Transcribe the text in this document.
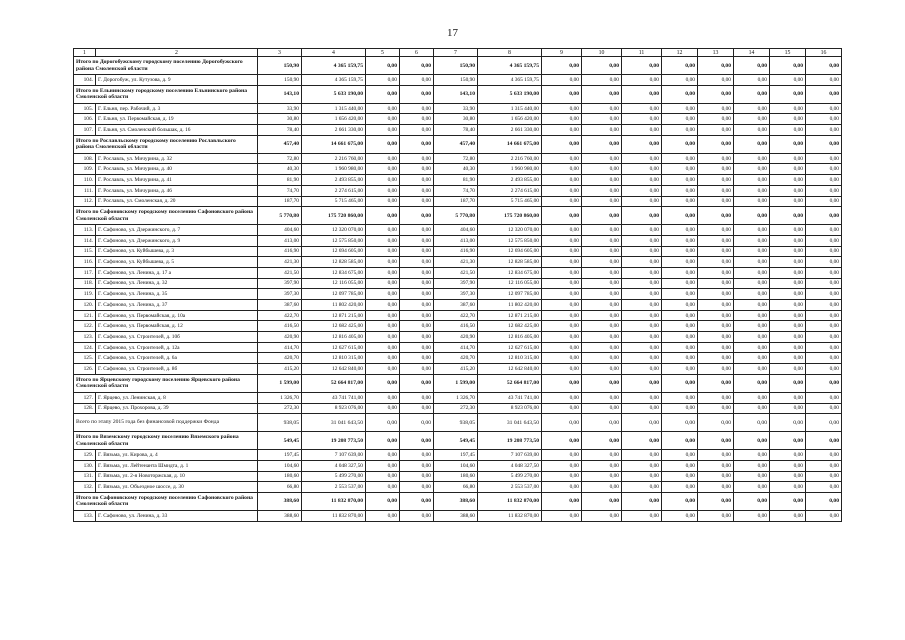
17
1	2	3	4	5	6	7	8	9	10	11	12	13	14	15	16
Итого по Дорогобужскому городскому поселению Дорогобужского района Смоленской области		150,90	4 365 159,75	0,00	0,00	150,90	4 365 159,75	0,00	0,00	0,00	0,00	0,00	0,00	0,00	0,00
104.	Г. Дорогобуж, ул. Кутузова, д. 9	150,90	4 365 159,75	0,00	0,00	150,90	4 365 159,75	0,00	0,00	0,00	0,00	0,00	0,00	0,00	0,00
Итого по Ельнинскому городскому поселению Ельнинского района Смоленской области		143,10	5 633 190,00	0,00	0,00	143,10	5 633 190,00	0,00	0,00	0,00	0,00	0,00	0,00	0,00	0,00
105.	Г. Ельня, пер. Рабочий, д. 3	33,90	1 315 440,00	0,00	0,00	33,90	1 315 440,00	0,00	0,00	0,00	0,00	0,00	0,00	0,00	0,00
106.	Г. Ельня, ул. Первомайская, д. 19	30,80	1 656 420,00	0,00	0,00	30,80	1 656 420,00	0,00	0,00	0,00	0,00	0,00	0,00	0,00	0,00
107.	Г. Ельня, ул. Смоленский большак, д. 16	78,40	2 661 330,00	0,00	0,00	78,40	2 661 330,00	0,00	0,00	0,00	0,00	0,00	0,00	0,00	0,00
Итого по Рославльскому городскому поселению Рославльского района Смоленской области		457,40	14 661 675,00	0,00	0,00	457,40	14 661 675,00	0,00	0,00	0,00	0,00	0,00	0,00	0,00	0,00
108.	Г. Рославль, ул. Мичурина, д. 32	72,80	2 216 760,00	0,00	0,00	72,80	2 216 760,00	0,00	0,00	0,00	0,00	0,00	0,00	0,00	0,00
109.	Г. Рославль, ул. Мичурина, д. 40	40,30	1 960 980,00	0,00	0,00	40,30	1 960 980,00	0,00	0,00	0,00	0,00	0,00	0,00	0,00	0,00
110.	Г. Рославль, ул. Мичурина, д. 41	81,90	2 493 855,00	0,00	0,00	81,90	2 493 855,00	0,00	0,00	0,00	0,00	0,00	0,00	0,00	0,00
111.	Г. Рославль, ул. Мичурина, д. 46	74,70	2 274 615,00	0,00	0,00	74,70	2 274 615,00	0,00	0,00	0,00	0,00	0,00	0,00	0,00	0,00
112.	Г. Рославль, ул. Смоленская, д. 20	187,70	5 715 465,00	0,00	0,00	187,70	5 715 465,00	0,00	0,00	0,00	0,00	0,00	0,00	0,00	0,00
Итого по Сафоновскому городскому поселению Сафоновского района Смоленской области		5 770,80	175 720 860,00	0,00	0,00	5 770,80	175 720 860,00	0,00	0,00	0,00	0,00	0,00	0,00	0,00	0,00
113.	Г. Сафоново, ул. Дзержинского, д. 7	404,60	12 320 070,00	0,00	0,00	404,60	12 320 070,00	0,00	0,00	0,00	0,00	0,00	0,00	0,00	0,00
114.	Г. Сафоново, ул. Дзержинского, д. 9	413,00	12 575 850,00	0,00	0,00	413,00	12 575 850,00	0,00	0,00	0,00	0,00	0,00	0,00	0,00	0,00
115.	Г. Сафоново, ул. Куйбышева, д. 3	416,90	12 694 605,00	0,00	0,00	416,90	12 694 605,00	0,00	0,00	0,00	0,00	0,00	0,00	0,00	0,00
116.	Г. Сафоново, ул. Куйбышева, д. 5	421,30	12 828 585,00	0,00	0,00	421,30	12 828 585,00	0,00	0,00	0,00	0,00	0,00	0,00	0,00	0,00
117.	Г. Сафоново, ул. Ленина, д. 17 а	421,50	12 834 675,00	0,00	0,00	421,50	12 834 675,00	0,00	0,00	0,00	0,00	0,00	0,00	0,00	0,00
118.	Г. Сафоново, ул. Ленина, д. 32	397,90	12 116 055,00	0,00	0,00	397,90	12 116 055,00	0,00	0,00	0,00	0,00	0,00	0,00	0,00	0,00
119.	Г. Сафоново, ул. Ленина, д. 35	397,30	12 097 785,00	0,00	0,00	397,30	12 097 785,00	0,00	0,00	0,00	0,00	0,00	0,00	0,00	0,00
120.	Г. Сафоново, ул. Ленина, д. 37	387,60	11 802 420,00	0,00	0,00	387,60	11 802 420,00	0,00	0,00	0,00	0,00	0,00	0,00	0,00	0,00
121.	Г. Сафоново, ул. Первомайская, д. 10а	422,70	12 871 215,00	0,00	0,00	422,70	12 871 215,00	0,00	0,00	0,00	0,00	0,00	0,00	0,00	0,00
122.	Г. Сафоново, ул. Первомайская, д. 12	416,50	12 682 425,00	0,00	0,00	416,50	12 682 425,00	0,00	0,00	0,00	0,00	0,00	0,00	0,00	0,00
123.	Г. Сафоново, ул. Строителей, д. 10б	420,90	12 816 405,00	0,00	0,00	420,90	12 816 405,00	0,00	0,00	0,00	0,00	0,00	0,00	0,00	0,00
124.	Г. Сафоново, ул. Строителей, д. 12а	414,70	12 627 615,00	0,00	0,00	414,70	12 627 615,00	0,00	0,00	0,00	0,00	0,00	0,00	0,00	0,00
125.	Г. Сафоново, ул. Строителей, д. 6а	420,70	12 810 315,00	0,00	0,00	420,70	12 810 315,00	0,00	0,00	0,00	0,00	0,00	0,00	0,00	0,00
126.	Г. Сафоново, ул. Строителей, д. 8б	415,20	12 642 840,00	0,00	0,00	415,20	12 642 840,00	0,00	0,00	0,00	0,00	0,00	0,00	0,00	0,00
Итого по Ярцевскому городскому поселению Ярцевского района Смоленской области		1 599,00	52 664 817,00	0,00	0,00	1 599,00	52 664 817,00	0,00	0,00	0,00	0,00	0,00	0,00	0,00	0,00
127.	Г. Ярцево, ул. Ленинская, д. 8	1 326,70	43 741 741,00	0,00	0,00	1 326,70	43 741 741,00	0,00	0,00	0,00	0,00	0,00	0,00	0,00	0,00
128.	Г. Ярцево, ул. Прохорова, д. 39	272,30	8 923 076,00	0,00	0,00	272,30	8 923 076,00	0,00	0,00	0,00	0,00	0,00	0,00	0,00	0,00
Всего по этапу 2015 года без финансовой поддержки Фонда		938,05	31 041 643,50	0,00	0,00	938,05	31 041 643,50	0,00	0,00	0,00	0,00	0,00	0,00	0,00	0,00
Итого по Вяземскому городскому поселению Вяземского района Смоленской области		549,45	19 208 773,50	0,00	0,00	549,45	19 208 773,50	0,00	0,00	0,00	0,00	0,00	0,00	0,00	0,00
129.	Г. Вязьма, ул. Кирова, д. 4	197,45	7 107 639,00	0,00	0,00	197,45	7 107 639,00	0,00	0,00	0,00	0,00	0,00	0,00	0,00	0,00
130.	Г. Вязьма, ул. Лейтенанта Шмидта, д. 1	104,60	4 048 327,50	0,00	0,00	104,60	4 048 327,50	0,00	0,00	0,00	0,00	0,00	0,00	0,00	0,00
131.	Г. Вязьма, ул. 2-я Новоторжская, д. 10	180,60	5 499 270,00	0,00	0,00	180,60	5 499 270,00	0,00	0,00	0,00	0,00	0,00	0,00	0,00	0,00
132.	Г. Вязьма, ул. Объездное шоссе, д. 30	66,80	2 553 537,00	0,00	0,00	66,80	2 553 537,00	0,00	0,00	0,00	0,00	0,00	0,00	0,00	0,00
Итого по Сафоновскому городскому поселению Сафоновского района Смоленской области		388,60	11 832 870,00	0,00	0,00	388,60	11 832 870,00	0,00	0,00	0,00	0,00	0,00	0,00	0,00	0,00
133.	Г. Сафоново, ул. Ленина, д. 33	388,60	11 832 870,00	0,00	0,00	388,60	11 832 870,00	0,00	0,00	0,00	0,00	0,00	0,00	0,00	0,00
